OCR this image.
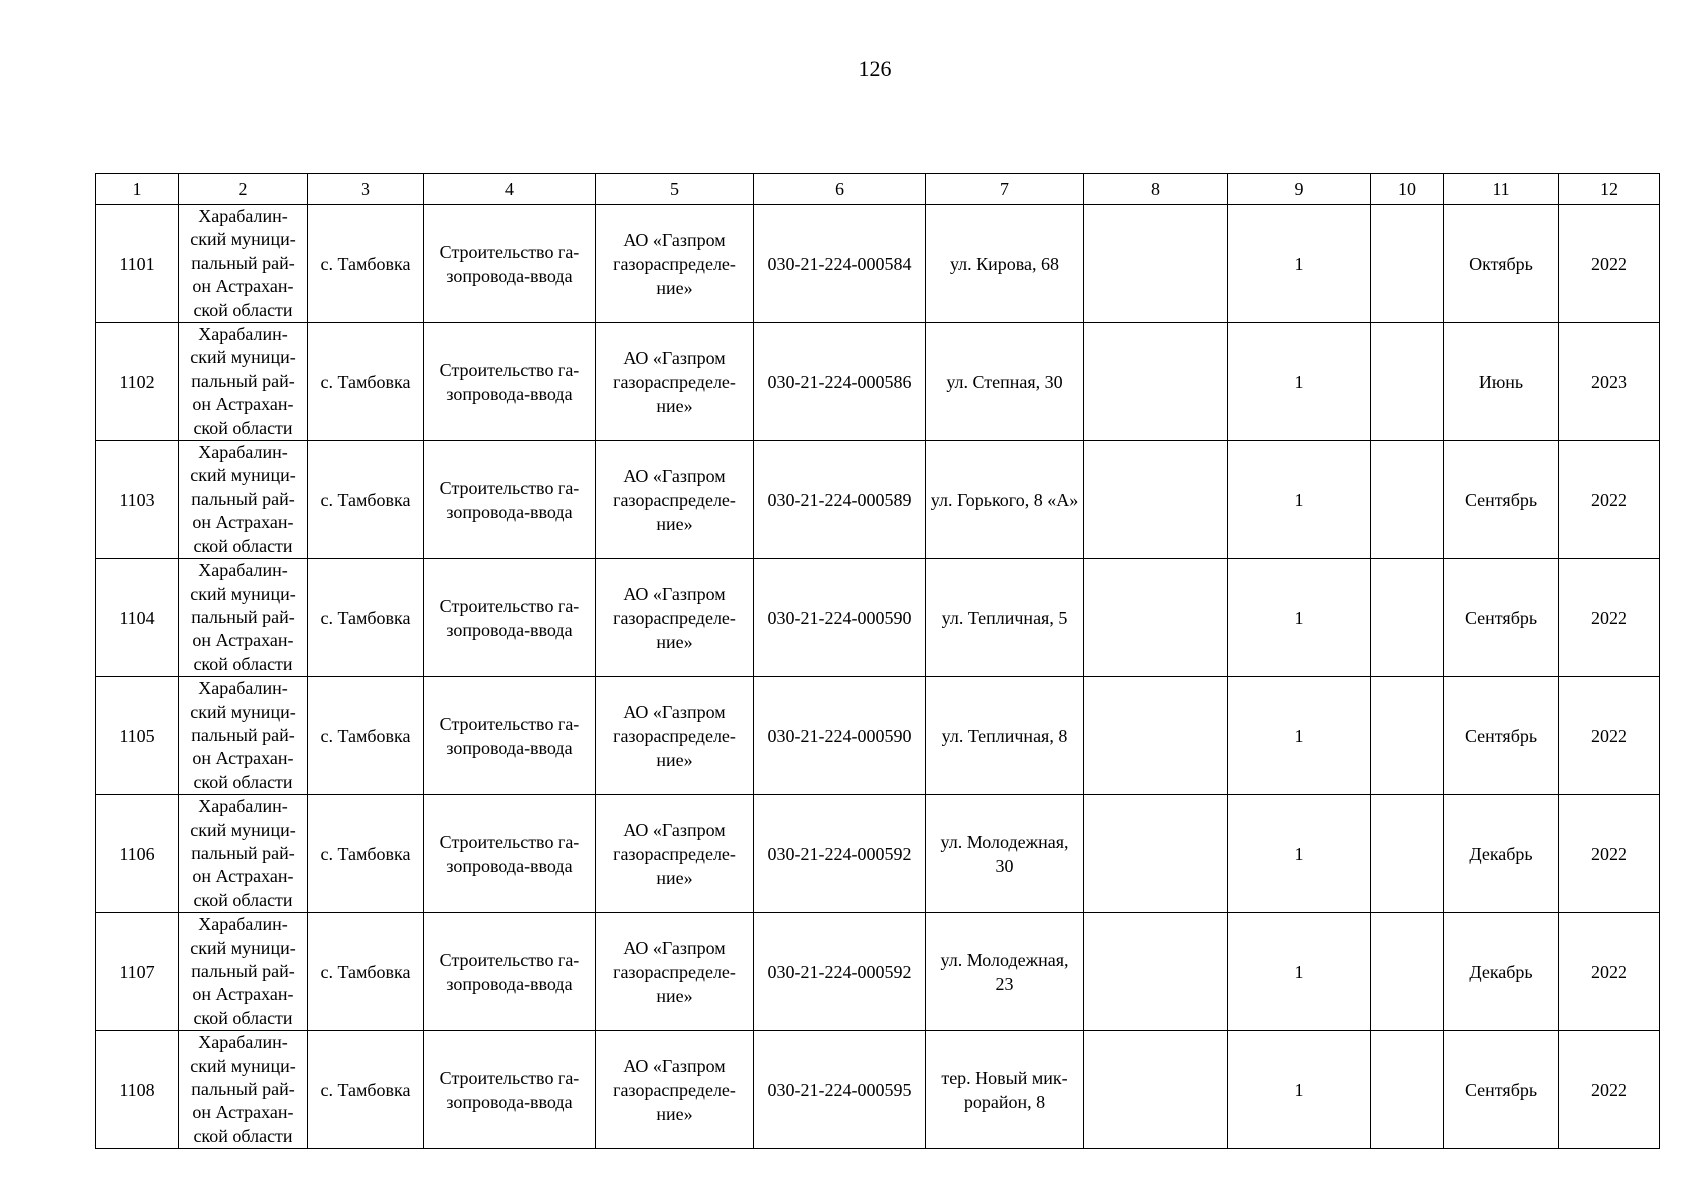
126
1	2	3	4	5	6	7	8	9	10	11	12
1101	Харабалин-ский муници-пальный рай-он Астрахан-ской области	с. Тамбовка	Строительство га-зопровода-ввода	АО «Газпром газораспределе-ние»	030-21-224-000584	ул. Кирова, 68		1		Октябрь	2022
1102	Харабалин-ский муници-пальный рай-он Астрахан-ской области	с. Тамбовка	Строительство га-зопровода-ввода	АО «Газпром газораспределе-ние»	030-21-224-000586	ул. Степная, 30		1		Июнь	2023
1103	Харабалин-ский муници-пальный рай-он Астрахан-ской области	с. Тамбовка	Строительство га-зопровода-ввода	АО «Газпром газораспределе-ние»	030-21-224-000589	ул. Горького, 8 «А»		1		Сентябрь	2022
1104	Харабалин-ский муници-пальный рай-он Астрахан-ской области	с. Тамбовка	Строительство га-зопровода-ввода	АО «Газпром газораспределе-ние»	030-21-224-000590	ул. Тепличная, 5		1		Сентябрь	2022
1105	Харабалин-ский муници-пальный рай-он Астрахан-ской области	с. Тамбовка	Строительство га-зопровода-ввода	АО «Газпром газораспределе-ние»	030-21-224-000590	ул. Тепличная, 8		1		Сентябрь	2022
1106	Харабалин-ский муници-пальный рай-он Астрахан-ской области	с. Тамбовка	Строительство га-зопровода-ввода	АО «Газпром газораспределе-ние»	030-21-224-000592	ул. Молодежная, 30		1		Декабрь	2022
1107	Харабалин-ский муници-пальный рай-он Астрахан-ской области	с. Тамбовка	Строительство га-зопровода-ввода	АО «Газпром газораспределе-ние»	030-21-224-000592	ул. Молодежная, 23		1		Декабрь	2022
1108	Харабалин-ский муници-пальный рай-он Астрахан-ской области	с. Тамбовка	Строительство га-зопровода-ввода	АО «Газпром газораспределе-ние»	030-21-224-000595	тер. Новый мик-рорайон, 8		1		Сентябрь	2022
